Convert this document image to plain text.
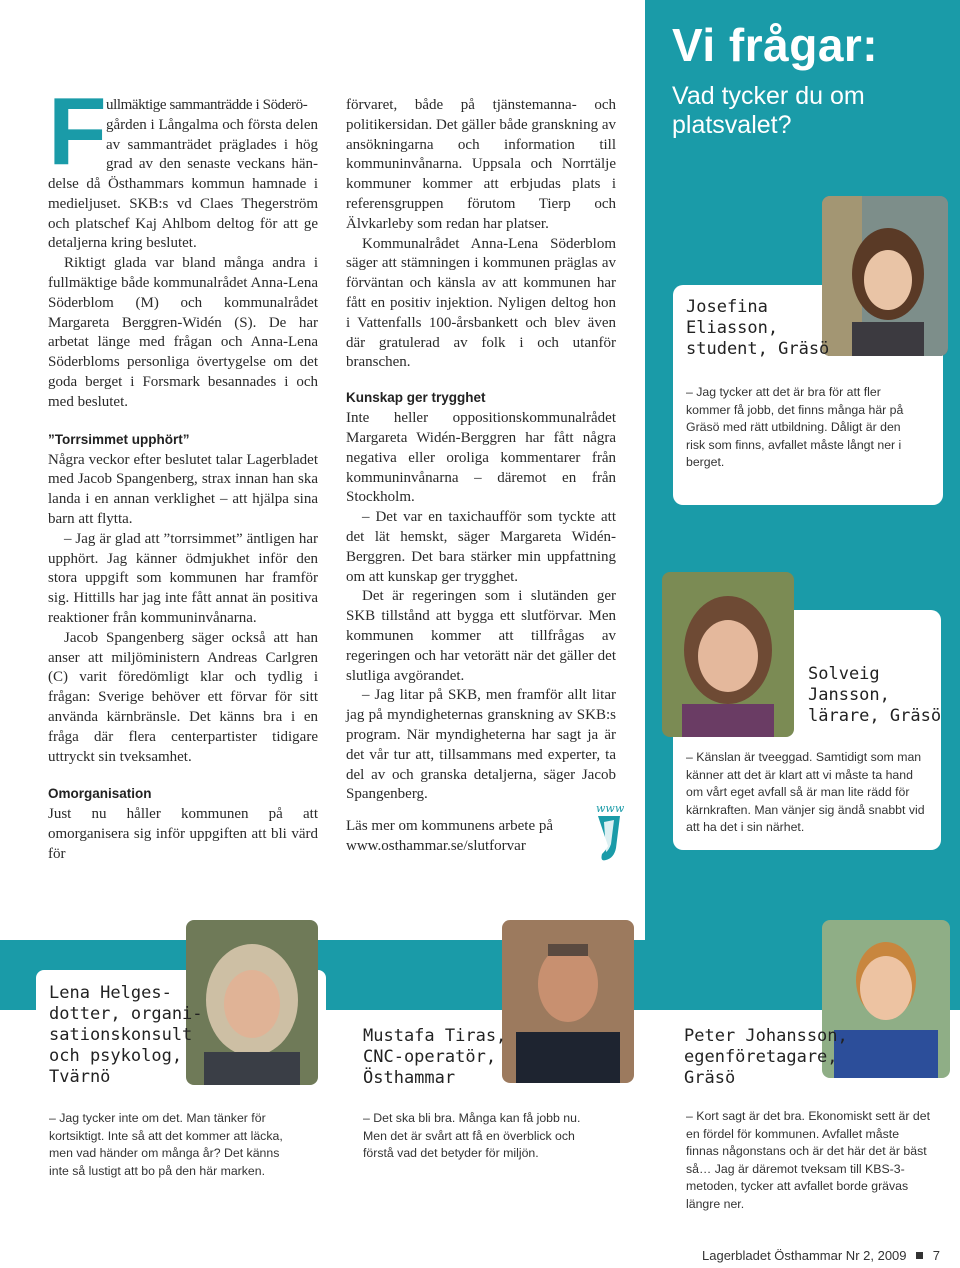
Vi frågar:
Vad tycker du om platsvalet?
F ullmäktige sammanträdde i Söderö-
gården i Långalma och första delen
av sammanträdet präglades i hög
grad av den senaste veckans hän-

delse då Östhammars kommun hamnade i medieljuset. SKB:s vd Claes Thegerström och platschef Kaj Ahlbom deltog för att ge detaljerna kring beslutet.

Riktigt glada var bland många andra i fullmäktige både kommunalrådet Anna-Lena Söderblom (M) och kommunalrådet Margareta Berggren-Widén (S). De har arbetat länge med frågan och Anna-Lena Söderbloms personliga övertygelse om det goda berget i Forsmark besannades i och med beslutet.

”Torrsimmet upphört”

Några veckor efter beslutet talar Lagerbladet med Jacob Spangenberg, strax innan han ska landa i en annan verklighet – att hjälpa sina barn att flytta.

– Jag är glad att ”torrsimmet” äntligen har upphört. Jag känner ödmjukhet inför den stora uppgift som kommunen har framför sig. Hittills har jag inte fått annat än positiva reaktioner från kommuninvånarna.

Jacob Spangenberg säger också att han anser att miljöministern Andreas Carlgren (C) varit föredömligt klar och tydlig i frågan: Sverige behöver ett förvar för sitt använda kärnbränsle. Det känns bra i en fråga där flera centerpartister tidigare uttryckt sin tveksamhet.

Omorganisation

Just nu håller kommunen på att omorganisera sig inför uppgiften att bli värd för

förvaret, både på tjänstemanna- och politikersidan. Det gäller både granskning av ansökningarna och information till kommuninvånarna. Uppsala och Norrtälje kommuner kommer att erbjudas plats i referensgruppen förutom Tierp och Älvkarleby som redan har platser.

Kommunalrådet Anna-Lena Söderblom säger att stämningen i kommunen präglas av förväntan och känsla av att kommunen har fått en positiv injektion. Nyligen deltog hon i Vattenfalls 100-årsbankett och blev även där gratulerad av folk i och utanför branschen.

Kunskap ger trygghet

Inte heller oppositionskommunalrådet Margareta Widén-Berggren har fått några negativa eller oroliga kommentarer från kommuninvånarna – däremot en från Stockholm.

– Det var en taxichaufför som tyckte att det lät hemskt, säger Margareta Widén-Berggren. Det bara stärker min uppfattning om att kunskap ger trygghet.

Det är regeringen som i slutänden ger SKB tillstånd att bygga ett slutförvar. Men kommunen kommer att tillfrågas av regeringen och har vetorätt när det gäller det slutliga avgörandet.

– Jag litar på SKB, men framför allt litar jag på myndigheternas granskning av SKB:s program. När myndigheterna har sagt ja är det vår tur att, tillsammans med experter, ta del av och granska detaljerna, säger Jacob Spangenberg.

Läs mer om kommunens arbete på www.osthammar.se/slutforvar

www
Josefina
Eliasson,
student, Gräsö
– Jag tycker att det är bra för att fler kommer få jobb, det finns många här på Gräsö med rätt utbildning. Dåligt är den risk som finns, avfallet måste långt ner i berget.
Solveig
Jansson,
lärare, Gräsö
– Känslan är tveeggad. Samtidigt som man känner att det är klart att vi måste ta hand om vårt eget avfall så är man lite rädd för kärnkraften. Man vänjer sig ändå snabbt vid att ha det i sin närhet.
Lena Helges-
dotter, organi-
sationskonsult
och psykolog,
Tvärnö
– Jag tycker inte om det. Man tänker för kortsiktigt. Inte så att det kommer att läcka, men vad händer om många år? Det känns inte så lustigt att bo på den här marken.
Mustafa Tiras,
CNC-operatör,
Östhammar
– Det ska bli bra. Många kan få jobb nu. Men det är svårt att få en överblick och förstå vad det betyder för miljön.
Peter Johansson,
egenföretagare,
Gräsö
– Kort sagt är det bra. Ekonomiskt sett är det en fördel för kommunen. Avfallet måste finnas någonstans och är det här det är bäst så… Jag är däremot tveksam till KBS-3-metoden, tycker att avfallet borde grävas längre ner.
Lagerbladet Östhammar Nr 2, 2009 7
